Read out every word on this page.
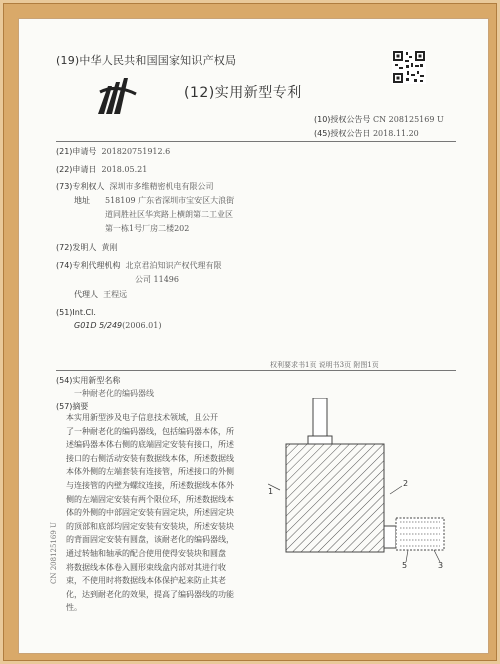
(19)中华人民共和国国家知识产权局
(12)实用新型专利
(10)授权公告号 CN 208125169 U
(45)授权公告日 2018.11.20
(21)申请号 201820751912.6
(22)申请日 2018.05.21
(73)专利权人 深圳市多维精密机电有限公司
地址 518109 广东省深圳市宝安区大浪街
道同胜社区华宾路上横朗第二工业区
第一栋1号厂房二楼202
(72)发明人 黄刚
(74)专利代理机构 北京君泊知识产权代理有限
公司 11496
代理人 王程远
(51)Int.Cl.
G01D 5/249(2006.01)
权利要求书1页 说明书3页 附图1页
(54)实用新型名称
一种耐老化的编码器线
(57)摘要
本实用新型涉及电子信息技术领域，且公开
了一种耐老化的编码器线，包括编码器本体，所
述编码器本体右侧的底端固定安装有接口，所述
接口的右侧活动安装有数据线本体，所述数据线
本体外侧的左端套装有连接管，所述接口的外侧
与连接管的内壁为螺纹连接，所述数据线本体外
侧的左端固定安装有两个限位环，所述数据线本
体的外侧的中部固定安装有固定块，所述固定块
的顶部和底部均固定安装有安装块，所述安装块
的背面固定安装有圆盘，该耐老化的编码器线，
通过转轴和轴承的配合使用使得安装块和圆盘
将数据线本体卷入圆形束线盒内部对其进行收
束，不使用时将数据线本体保护起来防止其老
化，达到耐老化的效果，提高了编码器线的功能
性。
1
2
5	3
CN 208125169 U
